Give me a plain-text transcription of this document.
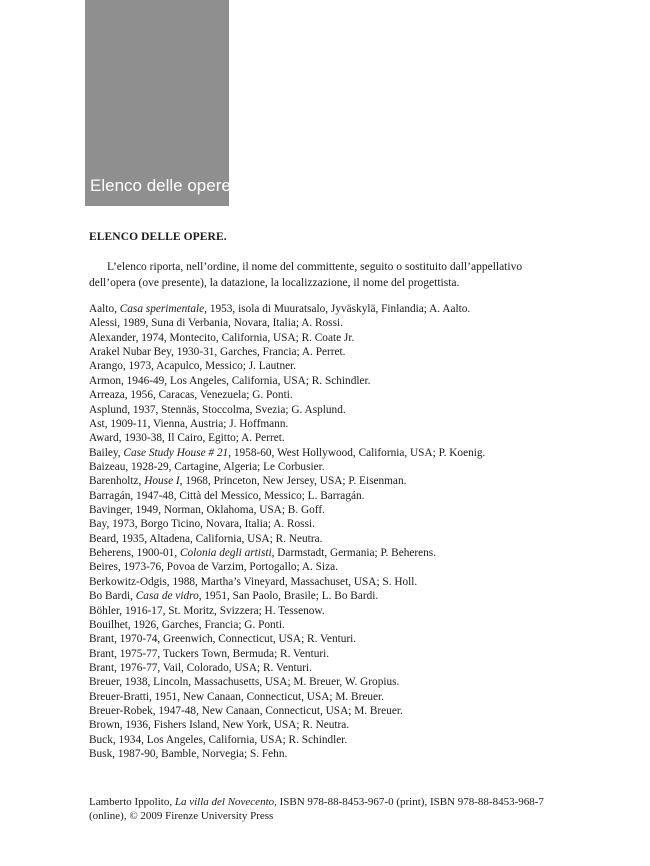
Elenco delle opere
ELENCO DELLE OPERE.

L’elenco riporta, nell’ordine, il nome del committente, seguito o sostituito dall’appellativo dell’opera (ove presente), la datazione, la localizzazione, il nome del progettista.

Aalto, Casa sperimentale, 1953, isola di Muuratsalo, Jyväskylä, Finlandia; A. Aalto.
Alessi, 1989, Suna di Verbania, Novara, Italia; A. Rossi.
Alexander, 1974, Montecito, California, USA; R. Coate Jr.
Arakel Nubar Bey, 1930-31, Garches, Francia; A. Perret.
Arango, 1973, Acapulco, Messico; J. Lautner.
Armon, 1946-49, Los Angeles, California, USA; R. Schindler.
Arreaza, 1956, Caracas, Venezuela; G. Ponti.
Asplund, 1937, Stennäs, Stoccolma, Svezia; G. Asplund.
Ast, 1909-11, Vienna, Austria; J. Hoffmann.
Award, 1930-38, Il Cairo, Egitto; A. Perret.
Bailey, Case Study House # 21, 1958-60, West Hollywood, California, USA; P. Koenig.
Baizeau, 1928-29, Cartagine, Algeria; Le Corbusier.
Barenholtz, House I, 1968, Princeton, New Jersey, USA; P. Eisenman.
Barragán, 1947-48, Città del Messico, Messico; L. Barragán.
Bavinger, 1949, Norman, Oklahoma, USA; B. Goff.
Bay, 1973, Borgo Ticino, Novara, Italia; A. Rossi.
Beard, 1935, Altadena, California, USA; R. Neutra.
Beherens, 1900-01, Colonia degli artisti, Darmstadt, Germania; P. Beherens.
Beires, 1973-76, Povoa de Varzim, Portogallo; A. Siza.
Berkowitz-Odgis, 1988, Martha’s Vineyard, Massachuset, USA; S. Holl.
Bo Bardi, Casa de vidro, 1951, San Paolo, Brasile; L. Bo Bardi.
Böhler, 1916-17, St. Moritz, Svizzera; H. Tessenow.
Bouilhet, 1926, Garches, Francia; G. Ponti.
Brant, 1970-74, Greenwich, Connecticut, USA; R. Venturi.
Brant, 1975-77, Tuckers Town, Bermuda; R. Venturi.
Brant, 1976-77, Vail, Colorado, USA; R. Venturi.
Breuer, 1938, Lincoln, Massachusetts, USA; M. Breuer, W. Gropius.
Breuer-Bratti, 1951, New Canaan, Connecticut, USA; M. Breuer.
Breuer-Robek, 1947-48, New Canaan, Connecticut, USA; M. Breuer.
Brown, 1936, Fishers Island, New York, USA; R. Neutra.
Buck, 1934, Los Angeles, California, USA; R. Schindler.
Busk, 1987-90, Bamble, Norvegia; S. Fehn.
Lamberto Ippolito, La villa del Novecento, ISBN 978-88-8453-967-0 (print), ISBN 978-88-8453-968-7 (online), © 2009 Firenze University Press
